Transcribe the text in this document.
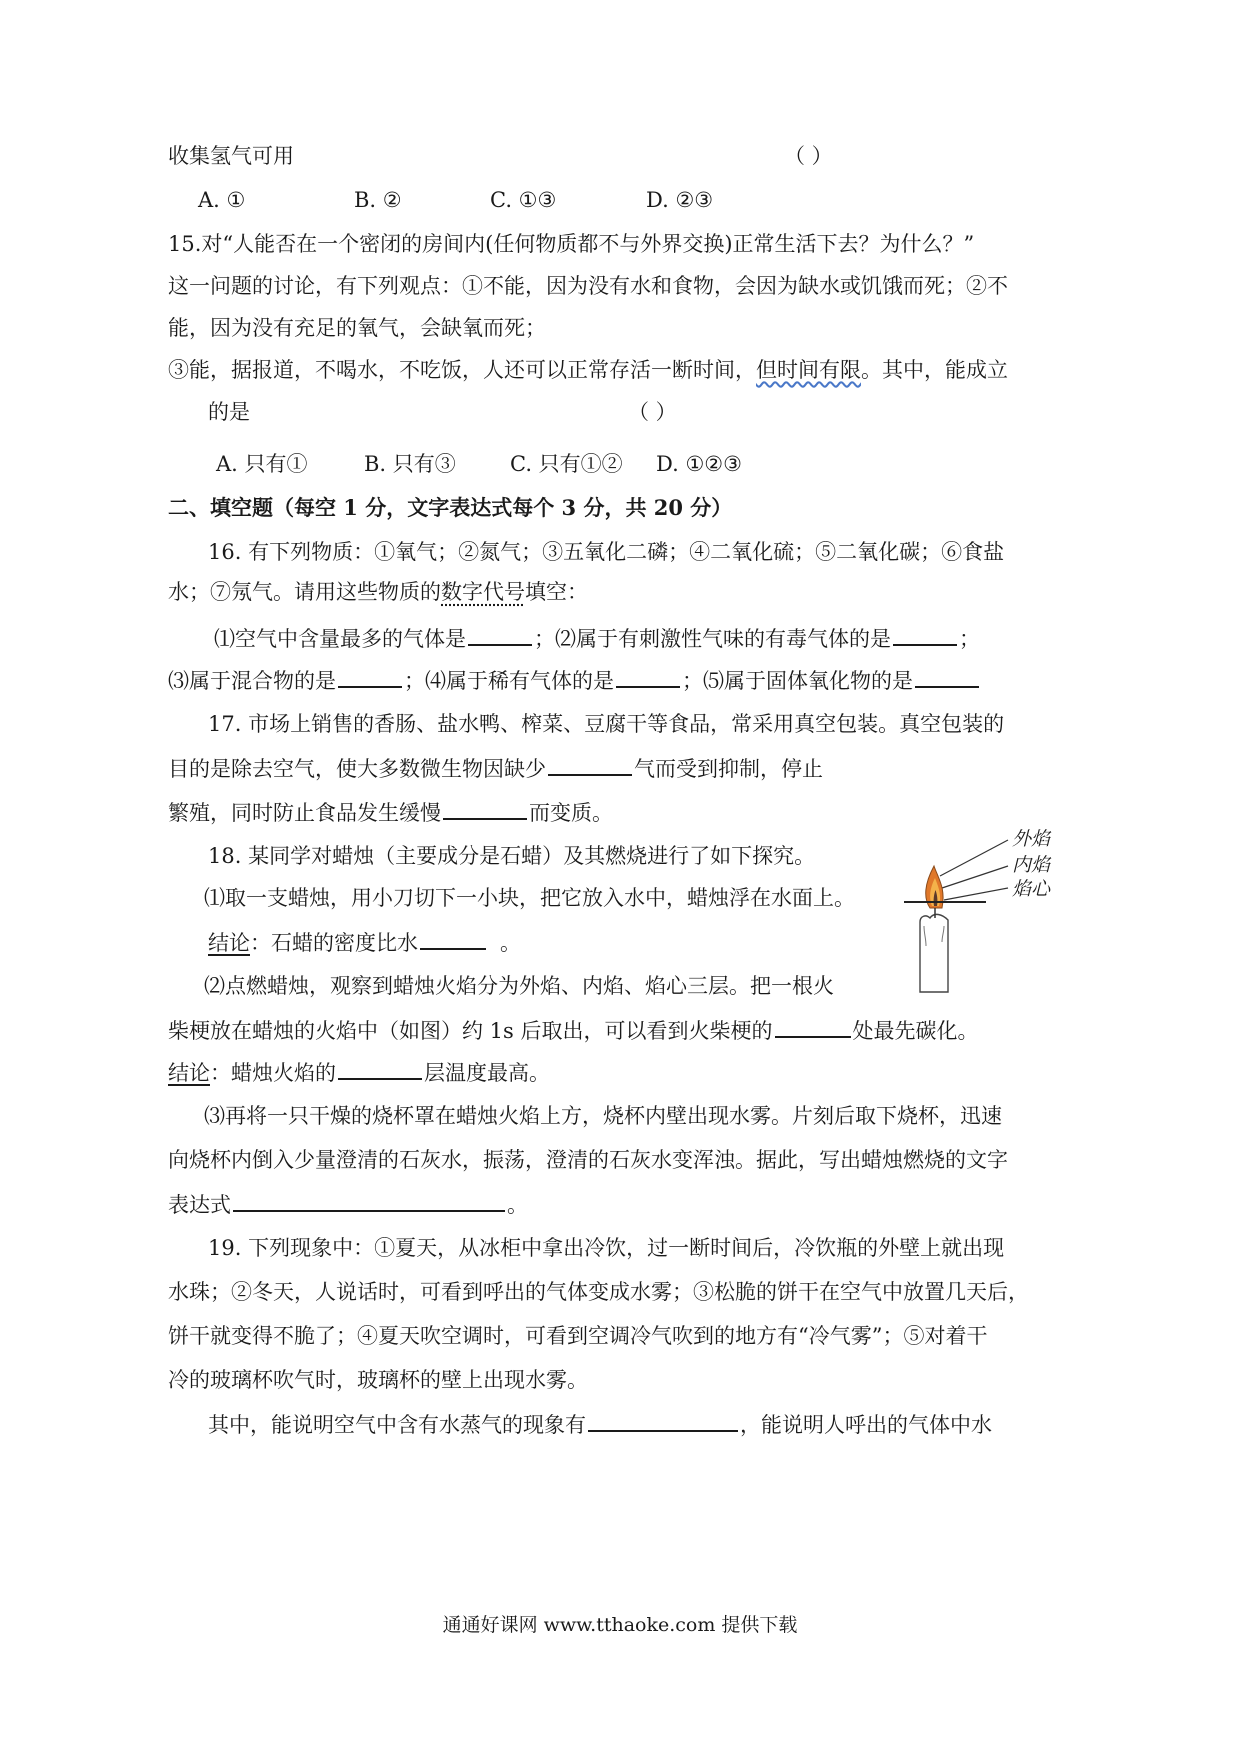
收集氢气可用	（ ）
A. ①	B. ②	C. ①③	D. ②③
15.对“人能否在一个密闭的房间内(任何物质都不与外界交换)正常生活下去？为什么？”
这一问题的讨论，有下列观点：①不能，因为没有水和食物，会因为缺水或饥饿而死；②不
能，因为没有充足的氧气，会缺氧而死；
③能，据报道，不喝水，不吃饭，人还可以正常存活一断时间，但时间有限。其中，能成立
的是	（ ）
A. 只有①	B. 只有③	C. 只有①② D. ①②③
二、填空题（每空 1 分，文字表达式每个 3 分，共 20 分）
16. 有下列物质：①氧气；②氮气；③五氧化二磷；④二氧化硫；⑤二氧化碳；⑥食盐
水；⑦氖气。请用这些物质的数字代号填空：
⑴空气中含量最多的气体是	；⑵属于有刺激性气味的有毒气体的是	；
⑶属于混合物的是	；⑷属于稀有气体的是	；⑸属于固体氧化物的是
17. 市场上销售的香肠、盐水鸭、榨菜、豆腐干等食品，常采用真空包装。真空包装的
目的是除去空气，使大多数微生物因缺少	气而受到抑制，停止
繁殖，同时防止食品发生缓慢	而变质。
外焰
内焰
焰心
18. 某同学对蜡烛（主要成分是石蜡）及其燃烧进行了如下探究。
⑴取一支蜡烛，用小刀切下一小块，把它放入水中，蜡烛浮在水面上。
结论：石蜡的密度比水	。
⑵点燃蜡烛，观察到蜡烛火焰分为外焰、内焰、焰心三层。把一根火
柴梗放在蜡烛的火焰中（如图）约 1s 后取出，可以看到火柴梗的	处最先碳化。
结论：蜡烛火焰的	层温度最高。
⑶再将一只干燥的烧杯罩在蜡烛火焰上方，烧杯内壁出现水雾。片刻后取下烧杯，迅速
向烧杯内倒入少量澄清的石灰水，振荡，澄清的石灰水变浑浊。据此，写出蜡烛燃烧的文字
表达式	。
19. 下列现象中：①夏天，从冰柜中拿出冷饮，过一断时间后，冷饮瓶的外壁上就出现
水珠；②冬天，人说话时，可看到呼出的气体变成水雾；③松脆的饼干在空气中放置几天后，
饼干就变得不脆了；④夏天吹空调时，可看到空调冷气吹到的地方有“冷气雾”；⑤对着干
冷的玻璃杯吹气时，玻璃杯的壁上出现水雾。
其中，能说明空气中含有水蒸气的现象有	，能说明人呼出的气体中水
通通好课网 www.tthaoke.com 提供下载
